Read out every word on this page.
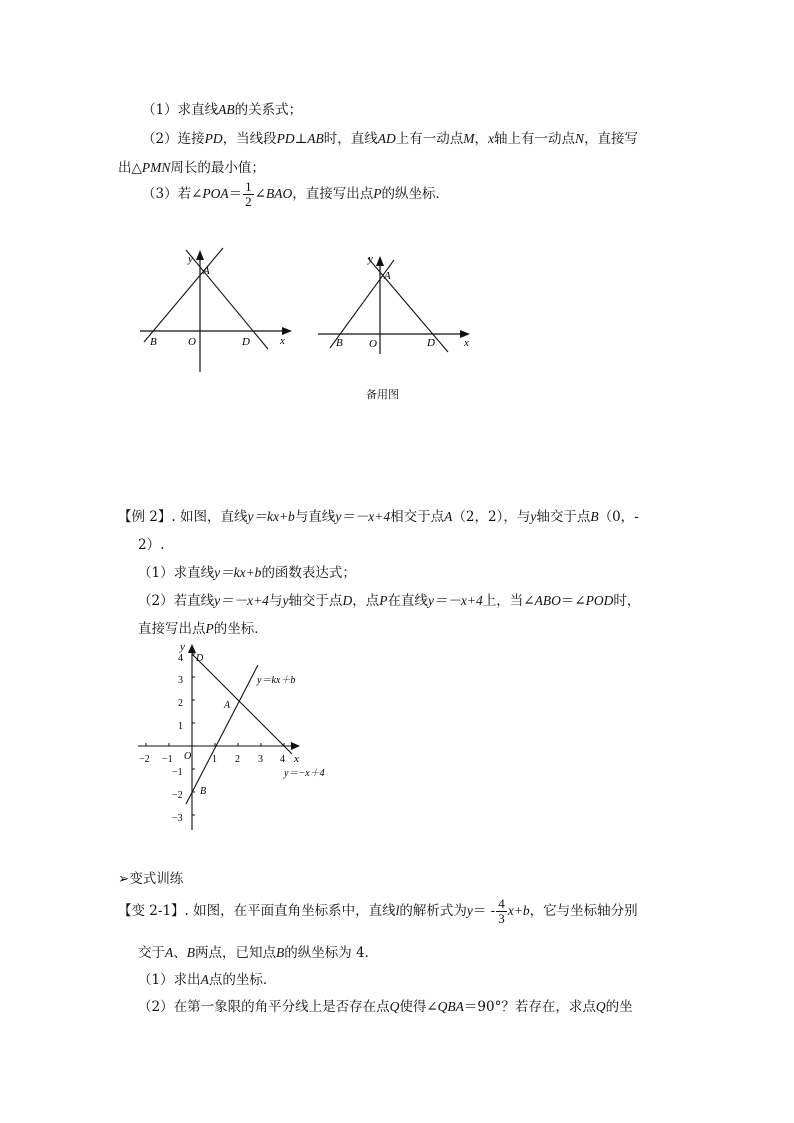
（1）求直线AB的关系式；
（2）连接PD，当线段PD⊥AB时，直线AD上有一动点M，x轴上有一动点N，直接写
出△PMN周长的最小值；
（3）若∠POA＝ $\frac{1}{2}$ ∠BAO，直接写出点P的纵坐标．
y
A
B	O	D	x
y
A
B O	D	x
备用图
【例 2】. 如图，直线y＝kx+b与直线y＝－x+4相交于点A（2，2），与y轴交于点B（0，-
2）.
（1）求直线y＝kx+b的函数表达式；
（2）若直线y＝－x+4与y轴交于点D，点P在直线y＝－x+4上，当∠ABO＝∠POD时，
直接写出点P的坐标．
−2 −1	1 2 3 4
4
3
2
1
−1
−2
−3
y
x
O
D
A
B
y＝kx＋b
y＝−x＋4
➢变式训练
【变 2-1】. 如图，在平面直角坐标系中，直线l的解析式为$y= - \frac{4}{3} x+b$，它与坐标轴分别
交于A、B两点，已知点B的纵坐标为 4．
（1）求出A点的坐标．
（2）在第一象限的角平分线上是否存在点Q使得∠QBA＝90°？若存在，求点Q的坐
